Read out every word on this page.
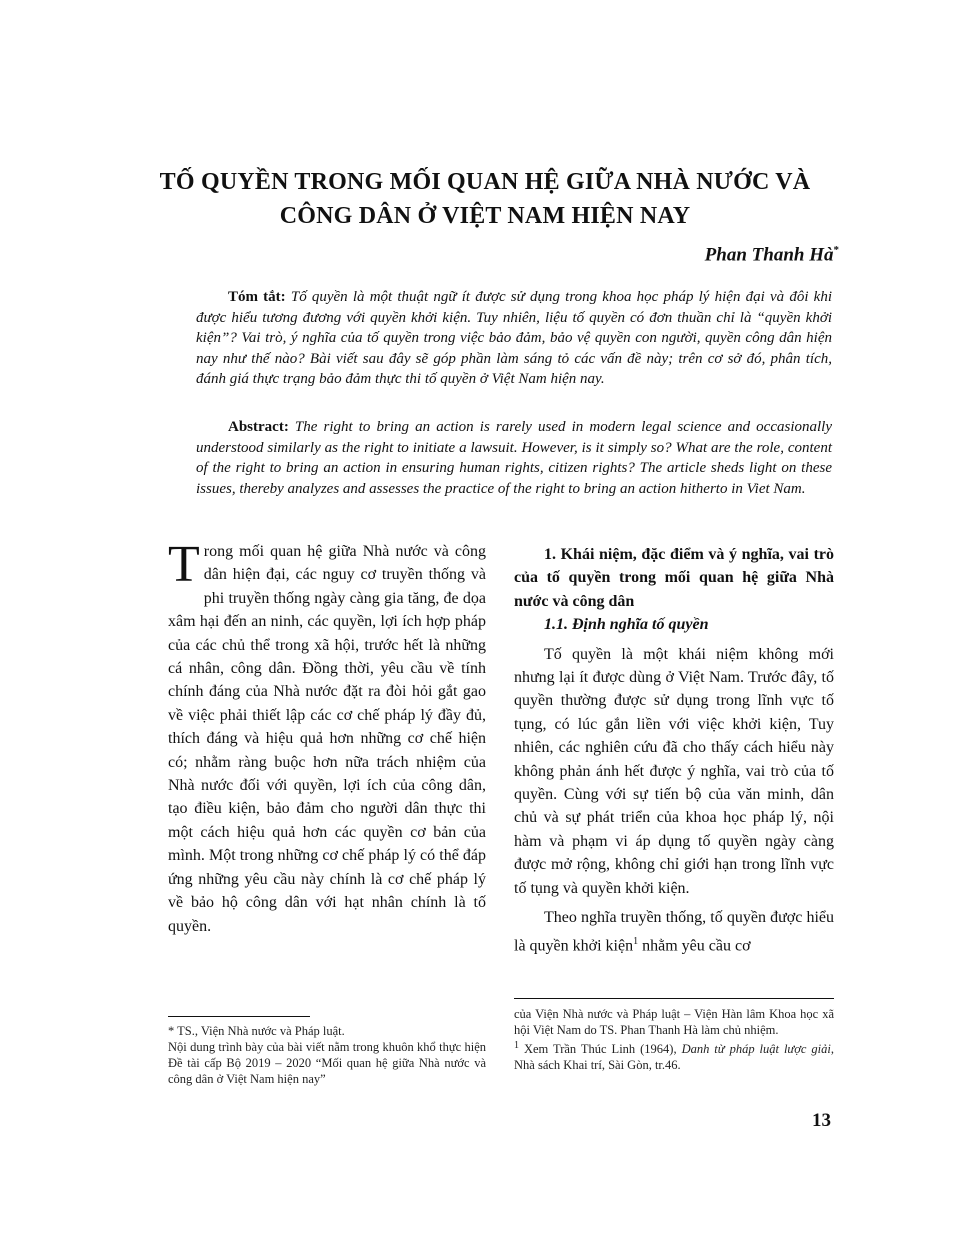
TỐ QUYỀN TRONG MỐI QUAN HỆ GIỮA NHÀ NƯỚC VÀ
CÔNG DÂN Ở VIỆT NAM HIỆN NAY
Phan Thanh Hà*

Tóm tắt: Tố quyền là một thuật ngữ ít được sử dụng trong khoa học pháp lý hiện đại và đôi khi được hiểu tương đương với quyền khởi kiện. Tuy nhiên, liệu tố quyền có đơn thuần chỉ là “quyền khởi kiện”? Vai trò, ý nghĩa của tố quyền trong việc bảo đảm, bảo vệ quyền con người, quyền công dân hiện nay như thế nào? Bài viết sau đây sẽ góp phần làm sáng tỏ các vấn đề này; trên cơ sở đó, phân tích, đánh giá thực trạng bảo đảm thực thi tố quyền ở Việt Nam hiện nay.

Abstract: The right to bring an action is rarely used in modern legal science and occasionally understood similarly as the right to initiate a lawsuit. However, is it simply so? What are the role, content of the right to bring an action in ensuring human rights, citizen rights? The article sheds light on these issues, thereby analyzes and assesses the practice of the right to bring an action hitherto in Viet Nam.

Trong mối quan hệ giữa Nhà nước và công dân hiện đại, các nguy cơ truyền thống và phi truyền thống ngày càng gia tăng, đe dọa xâm hại đến an ninh, các quyền, lợi ích hợp pháp của các chủ thể trong xã hội, trước hết là những cá nhân, công dân. Đồng thời, yêu cầu về tính chính đáng của Nhà nước đặt ra đòi hỏi gắt gao về việc phải thiết lập các cơ chế pháp lý đầy đủ, thích đáng và hiệu quả hơn những cơ chế hiện có; nhằm ràng buộc hơn nữa trách nhiệm của Nhà nước đối với quyền, lợi ích của công dân, tạo điều kiện, bảo đảm cho người dân thực thi một cách hiệu quả hơn các quyền cơ bản của mình. Một trong những cơ chế pháp lý có thể đáp ứng những yêu cầu này chính là cơ chế pháp lý về bảo hộ công dân với hạt nhân chính là tố quyền.

1. Khái niệm, đặc điểm và ý nghĩa, vai trò của tố quyền trong mối quan hệ giữa Nhà nước và công dân

1.1. Định nghĩa tố quyền

Tố quyền là một khái niệm không mới nhưng lại ít được dùng ở Việt Nam. Trước đây, tố quyền thường được sử dụng trong lĩnh vực tố tụng, có lúc gắn liền với việc khởi kiện, Tuy nhiên, các nghiên cứu đã cho thấy cách hiểu này không phản ánh hết được ý nghĩa, vai trò của tố quyền. Cùng với sự tiến bộ của văn minh, dân chủ và sự phát triển của khoa học pháp lý, nội hàm và phạm vi áp dụng tố quyền ngày càng được mở rộng, không chỉ giới hạn trong lĩnh vực tố tụng và quyền khởi kiện.

Theo nghĩa truyền thống, tố quyền được hiểu là quyền khởi kiện$^1$ nhằm yêu cầu cơ

* TS., Viện Nhà nước và Pháp luật.

Nội dung trình bày của bài viết nằm trong khuôn khổ thực hiện Đề tài cấp Bộ 2019 – 2020 “Mối quan hệ giữa Nhà nước và công dân ở Việt Nam hiện nay”

của Viện Nhà nước và Pháp luật – Viện Hàn lâm Khoa học xã hội Việt Nam do TS. Phan Thanh Hà làm chủ nhiệm.

$^1$ Xem Trần Thúc Linh (1964), Danh từ pháp luật lược giải, Nhà sách Khai trí, Sài Gòn, tr.46.

13
